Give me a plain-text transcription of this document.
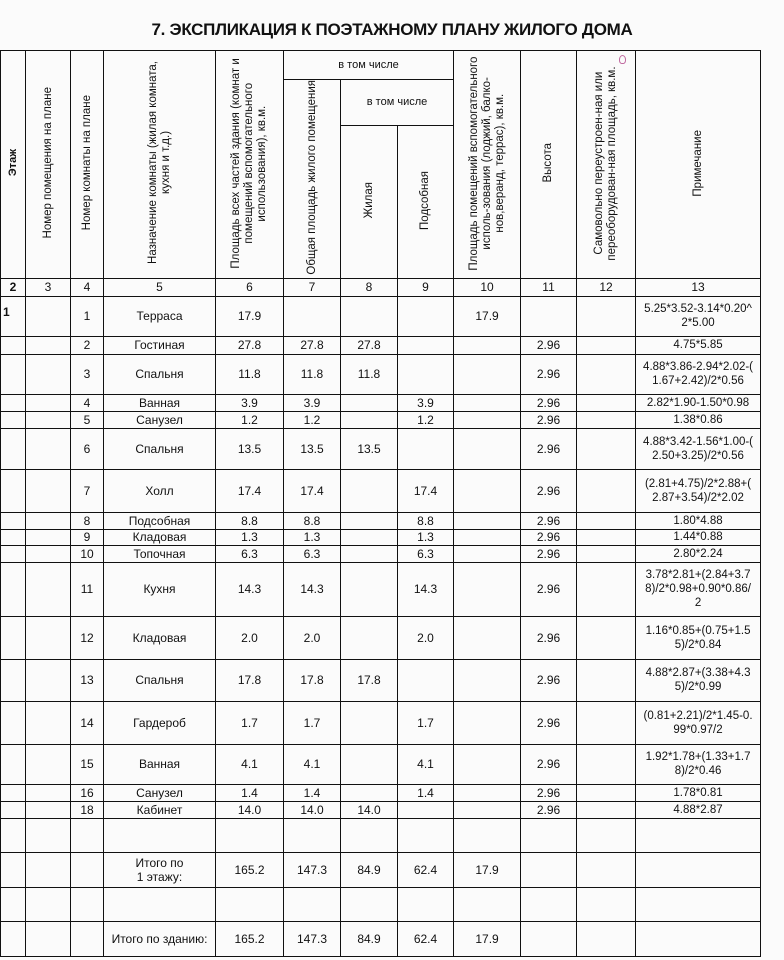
7. ЭКСПЛИКАЦИЯ К ПОЭТАЖНОМУ ПЛАНУ ЖИЛОГО ДОМА
Этаж	Номер помещения на плане	Номер комнаты на плане	Назначение комнаты (жилая комната,
кухня и т.д.)	Площадь всех частей здания (комнат и помещений вспомогательного использования), кв.м.	в том числе			Площадь помещений вспомогательного исполь-зования (лоджий, балко-нов,веранд, террас), кв.м.	Высота	Самовольно переустроен-ная или переоборудован-ная площадь, кв.м.	Примечание
					Общая площадь жилого помещения	в том числе					
						Жилая	Подсобная				
2	3	4	5	6	7	8	9	10	11	12	13
1		1	Терраса	17.9				17.9			5.25*3.52-3.14*0.20^
2*5.00
		2	Гостиная	27.8	27.8	27.8			2.96		4.75*5.85
		3	Спальня	11.8	11.8	11.8			2.96		4.88*3.86-2.94*2.02-(
1.67+2.42)/2*0.56
		4	Ванная	3.9	3.9		3.9		2.96		2.82*1.90-1.50*0.98
		5	Санузел	1.2	1.2		1.2		2.96		1.38*0.86
		6	Спальня	13.5	13.5	13.5			2.96		4.88*3.42-1.56*1.00-(
2.50+3.25)/2*0.56
		7	Холл	17.4	17.4		17.4		2.96		(2.81+4.75)/2*2.88+(
2.87+3.54)/2*2.02
		8	Подсобная	8.8	8.8		8.8		2.96		1.80*4.88
		9	Кладовая	1.3	1.3		1.3		2.96		1.44*0.88
		10	Топочная	6.3	6.3		6.3		2.96		2.80*2.24
		11	Кухня	14.3	14.3		14.3		2.96		3.78*2.81+(2.84+3.7
8)/2*0.98+0.90*0.86/
2
		12	Кладовая	2.0	2.0		2.0		2.96		1.16*0.85+(0.75+1.5
5)/2*0.84
		13	Спальня	17.8	17.8	17.8			2.96		4.88*2.87+(3.38+4.3
5)/2*0.99
		14	Гардероб	1.7	1.7		1.7		2.96		(0.81+2.21)/2*1.45-0.
99*0.97/2
		15	Ванная	4.1	4.1		4.1		2.96		1.92*1.78+(1.33+1.7
8)/2*0.46
		16	Санузел	1.4	1.4		1.4		2.96		1.78*0.81
		18	Кабинет	14.0	14.0	14.0			2.96		4.88*2.87

			Итого по
1 этажу:	165.2	147.3	84.9	62.4	17.9			

			Итого по зданию:	165.2	147.3	84.9	62.4	17.9			
